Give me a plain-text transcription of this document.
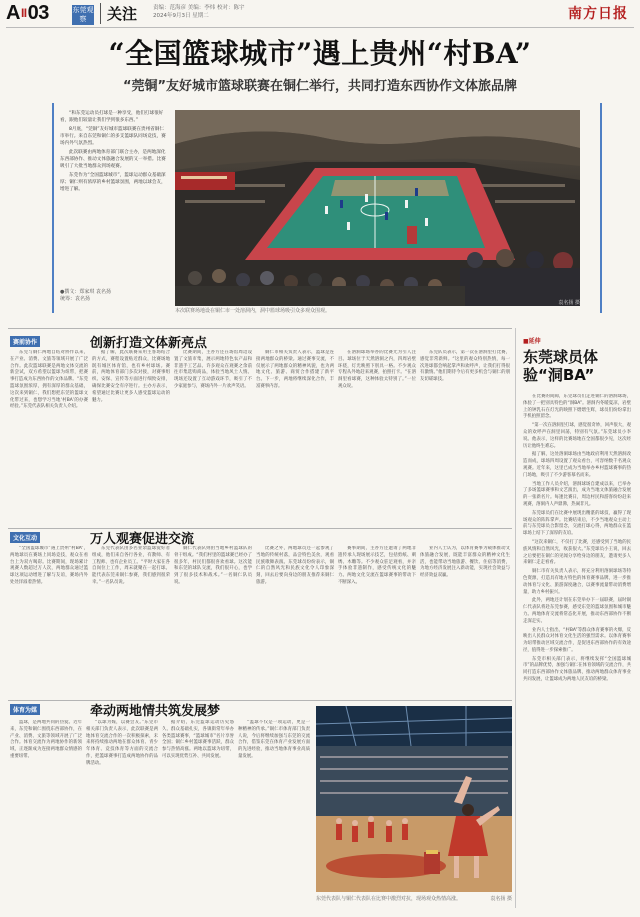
AII03	东莞观察	关注	责编：范海彦 美编：李炜 校对：陈宇
2024年9月3日 星期二	南方日报
“全国篮球城市”遇上贵州“村BA”
“莞铜”友好城市篮球联赛在铜仁举行，共同打造东西协作文体旅品牌

“和东莞运动员打球是一种享受，他们打球很好看，跟他们较量让我们学到很多东西。”

8月底，“莞铜”友好城市篮球联赛在贵州省铜仁市举行。来自东莞和铜仁的多支篮球队同场竞技，赛场内外气氛热烈。

此次联赛由两地体育部门联合主办，是两地深化东西部协作、推动文体旅融合发展的又一举措。比赛吸引了大批当地群众到场观赛。

东莞作为“全国篮球城市”，篮球运动群众基础深厚；铜仁则有浓厚的乡村篮球氛围，两地以球会友，增进了解。

●撰文：郑家琪 袁名扬
统筹：袁名扬
袁名扬 摄
本次联赛场地设在铜仁市一处溶洞内，洞中篮球场吸引众多观众围观。
赛前协作	创新打造文体新亮点

东莞与铜仁两地自结对协作以来，在产业、消费、文旅等领域开展了广泛合作。此次篮球联赛是两地文体交流的新尝试，双方希望以篮球为纽带，把赛事打造成为东西协作的文体品牌。“东莞篮球氛围浓厚，拥有深厚的群众基础，这次来到铜仁，我们想把东莞的篮球文化带过来，也想学习当地‘村BA’的办赛经验。”东莞代表队相关负责人介绍。

据了解，此次联赛采用主客场结合的方式，赛程设置贴近群众，比赛场地既有城区体育馆，也有乡村球场。赛前，两地体育部门多次对接，对赛事组织、安保、宣传等方面进行细致安排，确保比赛安全有序进行。主办方表示，希望通过比赛让更多人感受篮球运动的魅力。

比赛期间，主办方还在场馆周边设置了文旅市集，展示两地特色农产品和非遗手工艺品。许多观众在观赛之余前往市集选购商品，体验当地风土人情。现场还设置了互动游戏环节，吸引了不少家庭参与，赛场内外一片欢声笑语。

铜仁市相关负责人表示，篮球是连接两地群众的桥梁。通过赛事交流，不仅展示了两地群众的精神风貌，也为两地文化、旅游、商贸合作搭建了新平台。下一步，两地将继续深化合作，丰富赛事内容。

在溶洞球场举办的比赛尤为引人注目。球场位于天然溶洞之内，四周岩壁环绕，灯光映照下别具一格。不少观众专程从外地赶来观赛，拍照打卡。“在溶洞里看球赛，这种体验太特别了。”一位观众说。

东莞队员表示，第一次在溶洞里打比赛，感觉非常新鲜。“这里的观众特别热情，每一次进球都会响起掌声和欢呼声，让我们打得很有激情。”他们期待今后有更多机会与铜仁的朋友切磋球技。

文化互动	万人观赛促进交流

“全国篮球城市”遇上贵州“村BA”，两地球员在赛场上同场竞技，观众在看台上为双方喝彩。比赛期间，现场累计观赛人数超过万人次，两地群众通过篮球这项运动增进了解与友谊，赛场内外处处洋溢着热情。

东莞代表队由多名业余篮球爱好者组成，他们来自各行各业，有教师、有工程师、也有企业员工。“平时大家在各自岗位上工作，周末就聚在一起打球。能代表东莞来铜仁参赛，我们感到很荣幸。”一名队员说。

铜仁代表队则由当地乡村篮球队的骨干组成。“我们村里的篮球赛已经办了很多年，村民们都很喜欢看球。这次能和东莞的球队交流，我们很开心，也学到了很多技术和战术。”一名铜仁队员说。

比赛之外，两地球员还一起参观了当地的传统村落，品尝特色美食，观看民族歌舞表演。东莞球员纷纷表示，铜仁的自然风光和民族文化令人印象深刻，回去后要向身边的朋友推荐来铜仁旅游。

赛事期间，主办方还邀请了两地非遗传承人现场展示技艺，包括剪纸、刺绣、木雕等。不少观众驻足观看，并亲手体验非遗制作，感受传统文化的魅力。两地文化交流在篮球赛事的带动下不断深入。

业内人士认为，以体育赛事为载体推动文体旅融合发展，既能丰富群众的精神文化生活，也能带动当地旅游、餐饮、住宿等消费，为地方经济发展注入新动能，实现社会效益与经济效益双赢。

体育为媒	牵动两地情共筑发展梦

篮球，是两地共同的热爱。近年来，东莞和铜仁围绕东西部协作，在产业、消费、文旅等领域开展了广泛合作。体育交流作为两地协作的新领域，正逐渐成为连接两地群众情感的重要纽带。

“以球为媒，以赛会友。”东莞市相关部门负责人表示，此次联赛是两地体育交流合作的一次积极探索，未来将持续推动两地在群众体育、青少年体育、竞技体育等方面的交流合作，把篮球赛事打造成两地协作的品牌活动。

据介绍，东莞篮球运动历史悠久、群众基础扎实，各镇街常年举办各类篮球赛事，“篮球城市”名片享誉全国；铜仁乡村篮球赛事活跃，群众参与热情高涨。两地以篮球为纽带，可以实现优势互补、共同发展。

“篮球不仅是一项运动，更是一种精神的传承。”铜仁市体育部门负责人说，今后将继续加强与东莞的交流合作，借鉴东莞在体育产业发展方面的先进经验，推动当地体育事业高质量发展。

东莞代表队与铜仁代表队在比赛中激烈对抗，现场观众热情高涨。	袁名扬 摄
■延伸
东莞球员体验“洞BA”

在比赛的间隙，东莞球员们走进铜仁的溶洞球场，体验了一把别具特色的“洞BA”。溶洞内冬暖夏凉，岩壁上的钟乳石在灯光的映照下熠熠生辉，球员们纷纷拿出手机拍照留念。

“第一次在溶洞里打球，感觉很奇妙，回声很大，观众的欢呼声在洞里回荡，特别有气氛。”东莞球员小李说。他表示，这样的比赛场地在全国都很少见，这次经历让他终生难忘。

据了解，这处溶洞球场由当地政府利用天然溶洞改造而成，球场四周设置了观众看台，可容纳数千名观众观赛。近年来，这里已成为当地举办乡村篮球赛事的热门场地，吸引了不少游客慕名而来。

当地工作人员介绍，溶洞球场自建成以来，已举办了多场篮球赛事和文艺演出，成为当地文体旅融合发展的一张新名片。每逢比赛日，周边村民和游客纷纷赶来观赛，溶洞内人声鼎沸，热闹非凡。

东莞球员们在比赛中展现出精湛的球技，赢得了现场观众的阵阵掌声。比赛结束后，不少当地观众主动上前与东莞球员合影留念，交流打球心得，两地群众在篮球场上结下了深厚的友谊。

“这次来铜仁，不仅打了比赛，还感受到了当地的民族风情和自然风光，收获很大。”东莞球员小王说，回去之后要把在铜仁的见闻分享给身边的朋友，邀请更多人来铜仁走走看看。

铜仁市有关负责人表示，将充分利用溶洞球场等特色资源，打造具有地方特色的体育赛事品牌，进一步推动体育与文化、旅游深度融合，以赛事流量带动消费增量，助力乡村振兴。

此外，两地还计划在东莞举办下一届联赛，届时铜仁代表队将赴东莞参赛，感受东莞的篮球氛围和城市魅力。两地体育交流将常态化开展，推动东西部协作不断走深走实。

业内人士指出，“村BA”等群众体育赛事的火爆，反映出人民群众对体育文化生活的强烈需求。以体育赛事为纽带推动区域交流合作，是促进东西部协作的有效途径，值得进一步探索推广。

东莞市相关部门表示，将继续发挥“全国篮球城市”的品牌优势，加强与铜仁在体育领域的交流合作，共同打造东西部协作文体旅品牌，推动两地群众体育事业共同发展，让篮球成为两地人民友谊的桥梁。
